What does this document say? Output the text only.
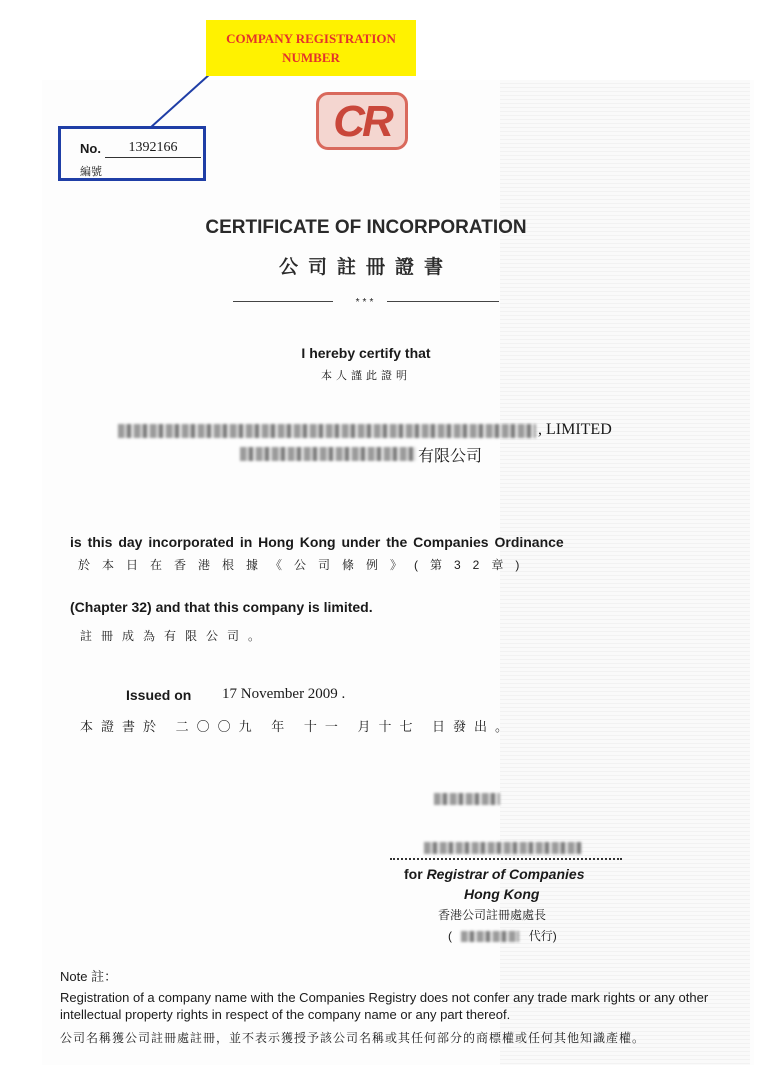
COMPANY REGISTRATION
NUMBER
No.	1392166
編號
CR
CERTIFICATE OF INCORPORATION
公司註冊證書
***
I hereby certify that
本人謹此證明
, LIMITED
有限公司
is this day incorporated in Hong Kong under the Companies Ordinance
於本日在香港根據《公司條例》(第32章)
(Chapter 32) and that this company is limited.
註冊成為有限公司。
Issued on 17 November 2009 .
本證書於 二〇〇九 年 十一 月十七 日發出。
for Registrar of Companies
Hong Kong
香港公司註冊處處長
(	代行)
Note 註：
Registration of a company name with the Companies Registry does not confer any trade mark rights or any other intellectual property rights in respect of the company name or any part thereof.
公司名稱獲公司註冊處註冊，並不表示獲授予該公司名稱或其任何部分的商標權或任何其他知識產權。
